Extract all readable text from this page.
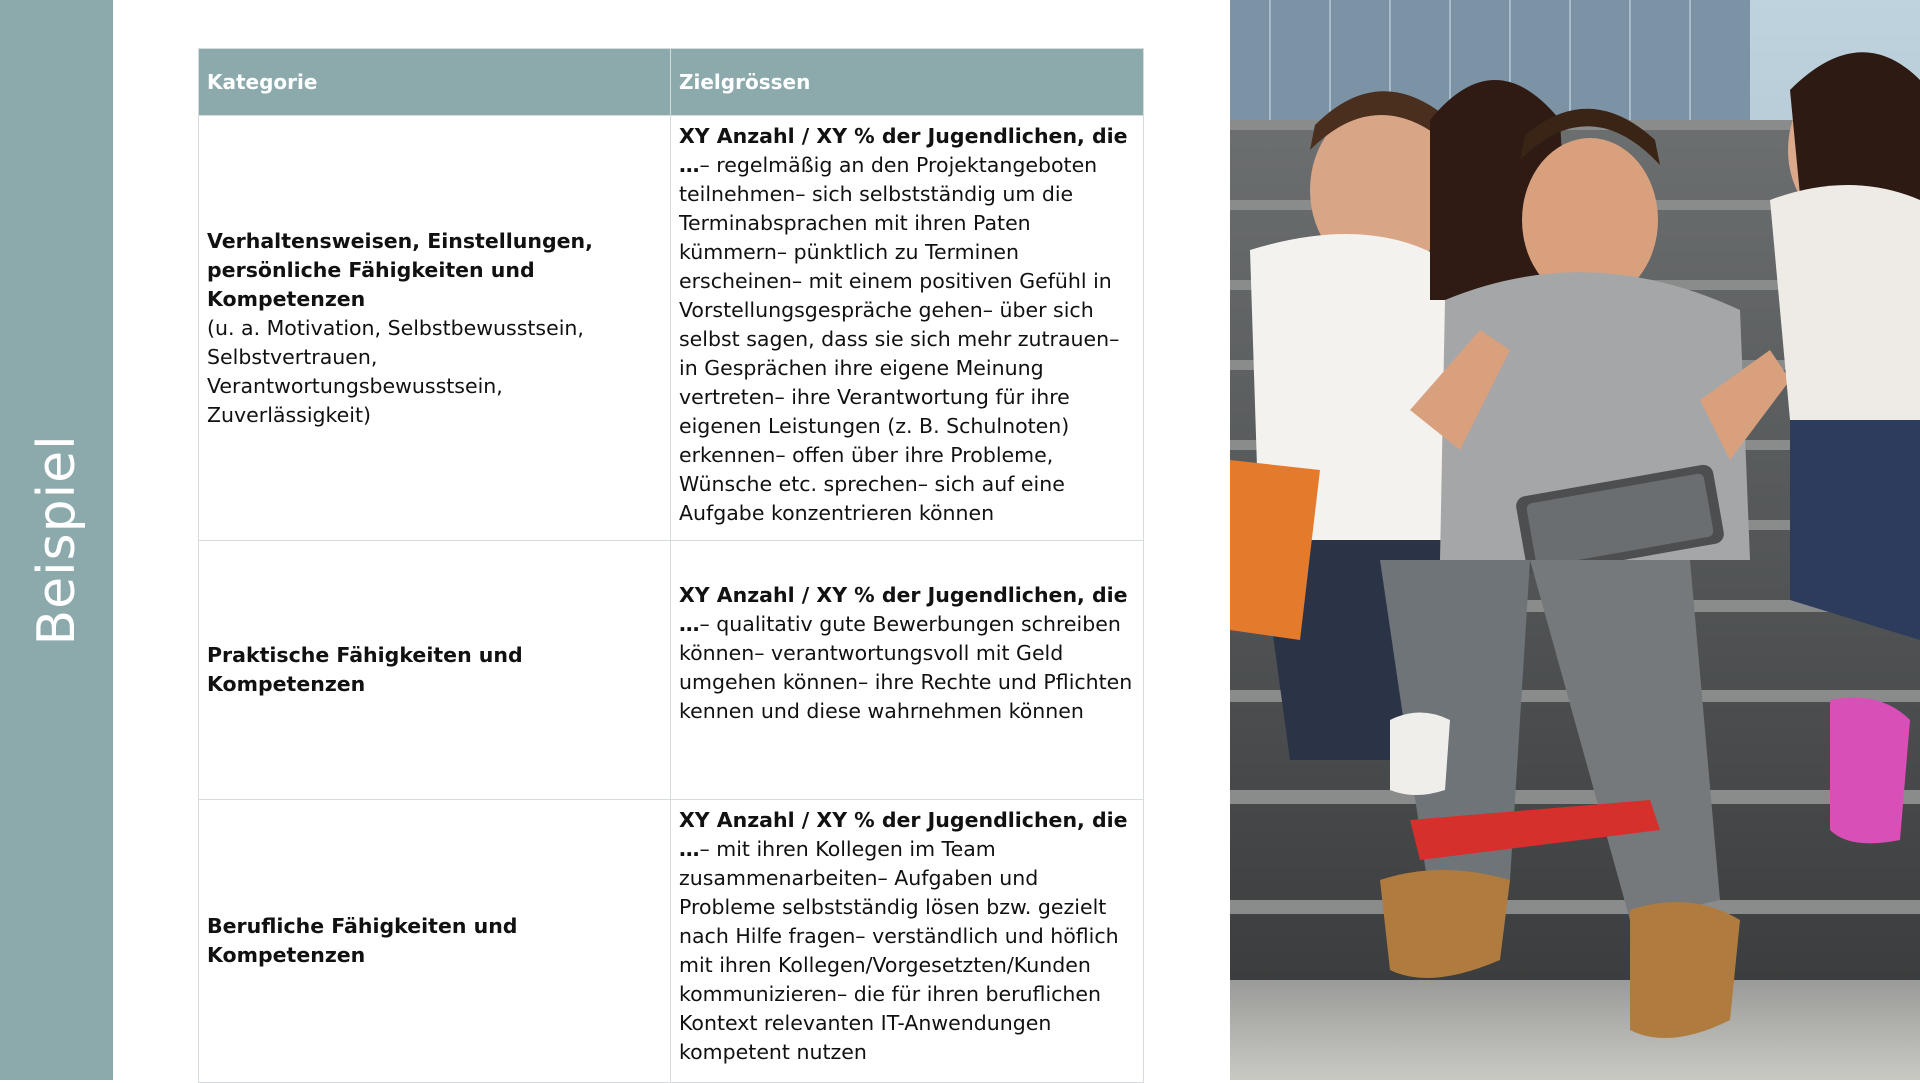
Beispiel
Kategorie	Zielgrössen
Verhaltensweisen, Einstellungen, persönliche Fähigkeiten und Kompetenzen
(u. a. Motivation, Selbstbewusstsein, Selbstvertrauen, Verantwortungsbewusstsein, Zuverlässigkeit)	XY Anzahl / XY % der Jugendlichen, die …– regelmäßig an den Projektangeboten teilnehmen– sich selbstständig um die Terminabsprachen mit ihren Paten kümmern– pünktlich zu Terminen erscheinen– mit einem positiven Gefühl in Vorstellungsgespräche gehen– über sich selbst sagen, dass sie sich mehr zutrauen– in Gesprächen ihre eigene Meinung vertreten– ihre Verantwortung für ihre eigenen Leistungen (z. B. Schulnoten) erkennen– offen über ihre Probleme, Wünsche etc. sprechen– sich auf eine Aufgabe konzentrieren können
Praktische Fähigkeiten und Kompetenzen	XY Anzahl / XY % der Jugendlichen, die …– qualitativ gute Bewerbungen schreiben können– verantwortungsvoll mit Geld umgehen können– ihre Rechte und Pflichten kennen und diese wahrnehmen können
Berufliche Fähigkeiten und Kompetenzen	XY Anzahl / XY % der Jugendlichen, die …– mit ihren Kollegen im Team zusammenarbeiten– Aufgaben und Probleme selbstständig lösen bzw. gezielt nach Hilfe fragen– verständlich und höflich mit ihren Kollegen/Vorgesetzten/Kunden kommunizieren– die für ihren beruflichen Kontext relevanten IT-Anwendungen kompetent nutzen
